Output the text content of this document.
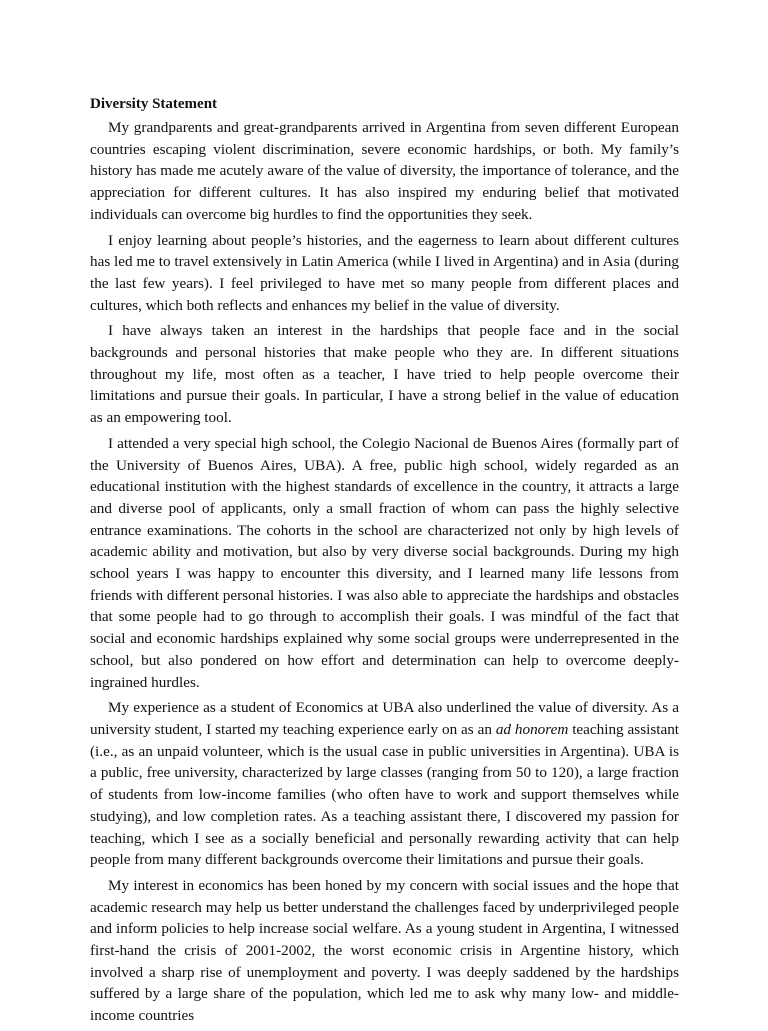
Diversity Statement

My grandparents and great-grandparents arrived in Argentina from seven different European countries escaping violent discrimination, severe economic hardships, or both. My family’s history has made me acutely aware of the value of diversity, the importance of tolerance, and the appreciation for different cultures. It has also inspired my enduring belief that motivated individuals can overcome big hurdles to find the opportunities they seek.

I enjoy learning about people’s histories, and the eagerness to learn about different cultures has led me to travel extensively in Latin America (while I lived in Argentina) and in Asia (during the last few years). I feel privileged to have met so many people from different places and cultures, which both reflects and enhances my belief in the value of diversity.

I have always taken an interest in the hardships that people face and in the social backgrounds and personal histories that make people who they are. In different situations throughout my life, most often as a teacher, I have tried to help people overcome their limitations and pursue their goals. In particular, I have a strong belief in the value of education as an empowering tool.

I attended a very special high school, the Colegio Nacional de Buenos Aires (formally part of the University of Buenos Aires, UBA). A free, public high school, widely regarded as an educational institution with the highest standards of excellence in the country, it attracts a large and diverse pool of applicants, only a small fraction of whom can pass the highly selective entrance examinations. The cohorts in the school are characterized not only by high levels of academic ability and motivation, but also by very diverse social backgrounds. During my high school years I was happy to encounter this diversity, and I learned many life lessons from friends with different personal histories. I was also able to appreciate the hardships and obstacles that some people had to go through to accomplish their goals. I was mindful of the fact that social and economic hardships explained why some social groups were underrepresented in the school, but also pondered on how effort and determination can help to overcome deeply-ingrained hurdles.

My experience as a student of Economics at UBA also underlined the value of diversity. As a university student, I started my teaching experience early on as an ad honorem teaching assistant (i.e., as an unpaid volunteer, which is the usual case in public universities in Argentina). UBA is a public, free university, characterized by large classes (ranging from 50 to 120), a large fraction of students from low-income families (who often have to work and support themselves while studying), and low completion rates. As a teaching assistant there, I discovered my passion for teaching, which I see as a socially beneficial and personally rewarding activity that can help people from many different backgrounds overcome their limitations and pursue their goals.

My interest in economics has been honed by my concern with social issues and the hope that academic research may help us better understand the challenges faced by underprivileged people and inform policies to help increase social welfare. As a young student in Argentina, I witnessed first-hand the crisis of 2001-2002, the worst economic crisis in Argentine history, which involved a sharp rise of unemployment and poverty. I was deeply saddened by the hardships suffered by a large share of the population, which led me to ask why many low- and middle-income countries
